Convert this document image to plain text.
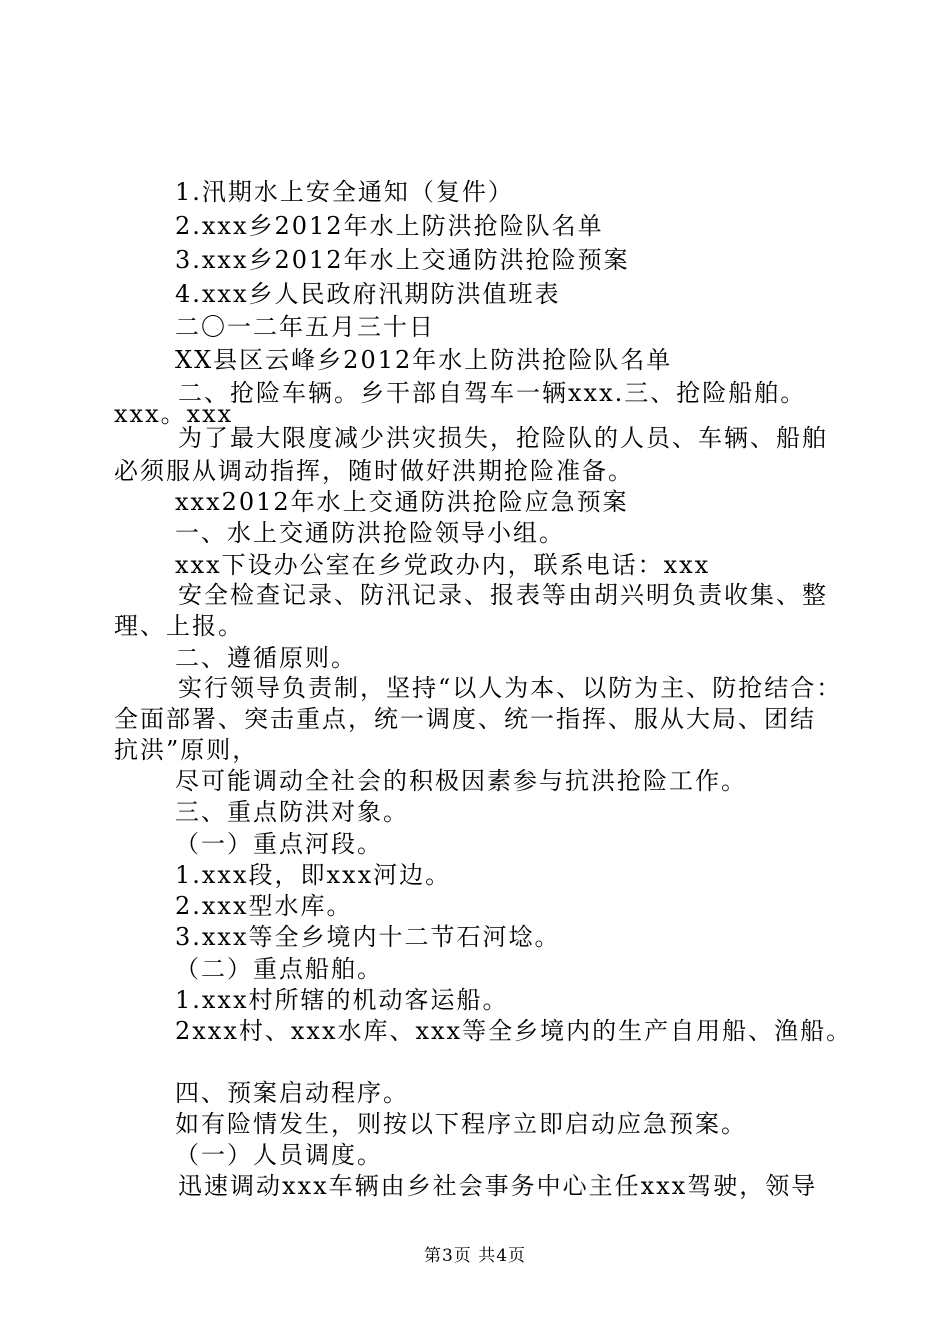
1.汛期水上安全通知（复件）
2.xxx乡2012年水上防洪抢险队名单
3.xxx乡2012年水上交通防洪抢险预案
4.xxx乡人民政府汛期防洪值班表
二〇一二年五月三十日
XX县区云峰乡2012年水上防洪抢险队名单
二、抢险车辆。乡干部自驾车一辆xxx.三、抢险船舶。
xxx。xxx
为了最大限度减少洪灾损失，抢险队的人员、车辆、船舶
必须服从调动指挥，随时做好洪期抢险准备。
xxx2012年水上交通防洪抢险应急预案
一、水上交通防洪抢险领导小组。
xxx下设办公室在乡党政办内，联系电话：xxx
安全检查记录、防汛记录、报表等由胡兴明负责收集、整
理、上报。
二、遵循原则。
实行领导负责制，坚持“以人为本、以防为主、防抢结合：
全面部署、突击重点，统一调度、统一指挥、服从大局、团结
抗洪”原则，
尽可能调动全社会的积极因素参与抗洪抢险工作。
三、重点防洪对象。
（一）重点河段。
1.xxx段，即xxx河边。
2.xxx型水库。
3.xxx等全乡境内十二节石河埝。
（二）重点船舶。
1.xxx村所辖的机动客运船。
2xxx村、xxx水库、xxx等全乡境内的生产自用船、渔船。
四、预案启动程序。
如有险情发生，则按以下程序立即启动应急预案。
（一）人员调度。
迅速调动xxx车辆由乡社会事务中心主任xxx驾驶，领导
第3页 共4页
